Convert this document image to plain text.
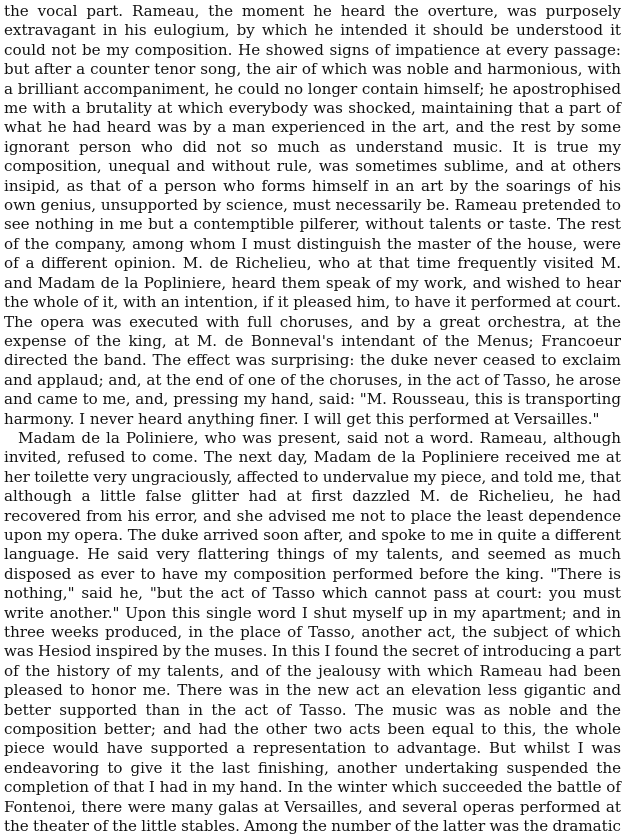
the vocal part. Rameau, the moment he heard the overture, was purposely
extravagant in his eulogium, by which he intended it should be understood it
could not be my composition. He showed signs of impatience at every passage:
but after a counter tenor song, the air of which was noble and harmonious, with
a brilliant accompaniment, he could no longer contain himself; he apostrophised
me with a brutality at which everybody was shocked, maintaining that a part of
what he had heard was by a man experienced in the art, and the rest by some
ignorant person who did not so much as understand music. It is true my
composition, unequal and without rule, was sometimes sublime, and at others
insipid, as that of a person who forms himself in an art by the soarings of his
own genius, unsupported by science, must necessarily be. Rameau pretended to
see nothing in me but a contemptible pilferer, without talents or taste. The rest
of the company, among whom I must distinguish the master of the house, were
of a different opinion. M. de Richelieu, who at that time frequently visited M.
and Madam de la Popliniere, heard them speak of my work, and wished to hear
the whole of it, with an intention, if it pleased him, to have it performed at court.
The opera was executed with full choruses, and by a great orchestra, at the
expense of the king, at M. de Bonneval's intendant of the Menus; Francoeur
directed the band. The effect was surprising: the duke never ceased to exclaim
and applaud; and, at the end of one of the choruses, in the act of Tasso, he arose
and came to me, and, pressing my hand, said: "M. Rousseau, this is transporting
harmony. I never heard anything finer. I will get this performed at Versailles."
Madam de la Poliniere, who was present, said not a word. Rameau, although
invited, refused to come. The next day, Madam de la Popliniere received me at
her toilette very ungraciously, affected to undervalue my piece, and told me, that
although a little false glitter had at first dazzled M. de Richelieu, he had
recovered from his error, and she advised me not to place the least dependence
upon my opera. The duke arrived soon after, and spoke to me in quite a different
language. He said very flattering things of my talents, and seemed as much
disposed as ever to have my composition performed before the king. "There is
nothing," said he, "but the act of Tasso which cannot pass at court: you must
write another." Upon this single word I shut myself up in my apartment; and in
three weeks produced, in the place of Tasso, another act, the subject of which
was Hesiod inspired by the muses. In this I found the secret of introducing a part
of the history of my talents, and of the jealousy with which Rameau had been
pleased to honor me. There was in the new act an elevation less gigantic and
better supported than in the act of Tasso. The music was as noble and the
composition better; and had the other two acts been equal to this, the whole
piece would have supported a representation to advantage. But whilst I was
endeavoring to give it the last finishing, another undertaking suspended the
completion of that I had in my hand. In the winter which succeeded the battle of
Fontenoi, there were many galas at Versailles, and several operas performed at
the theater of the little stables. Among the number of the latter was the dramatic
